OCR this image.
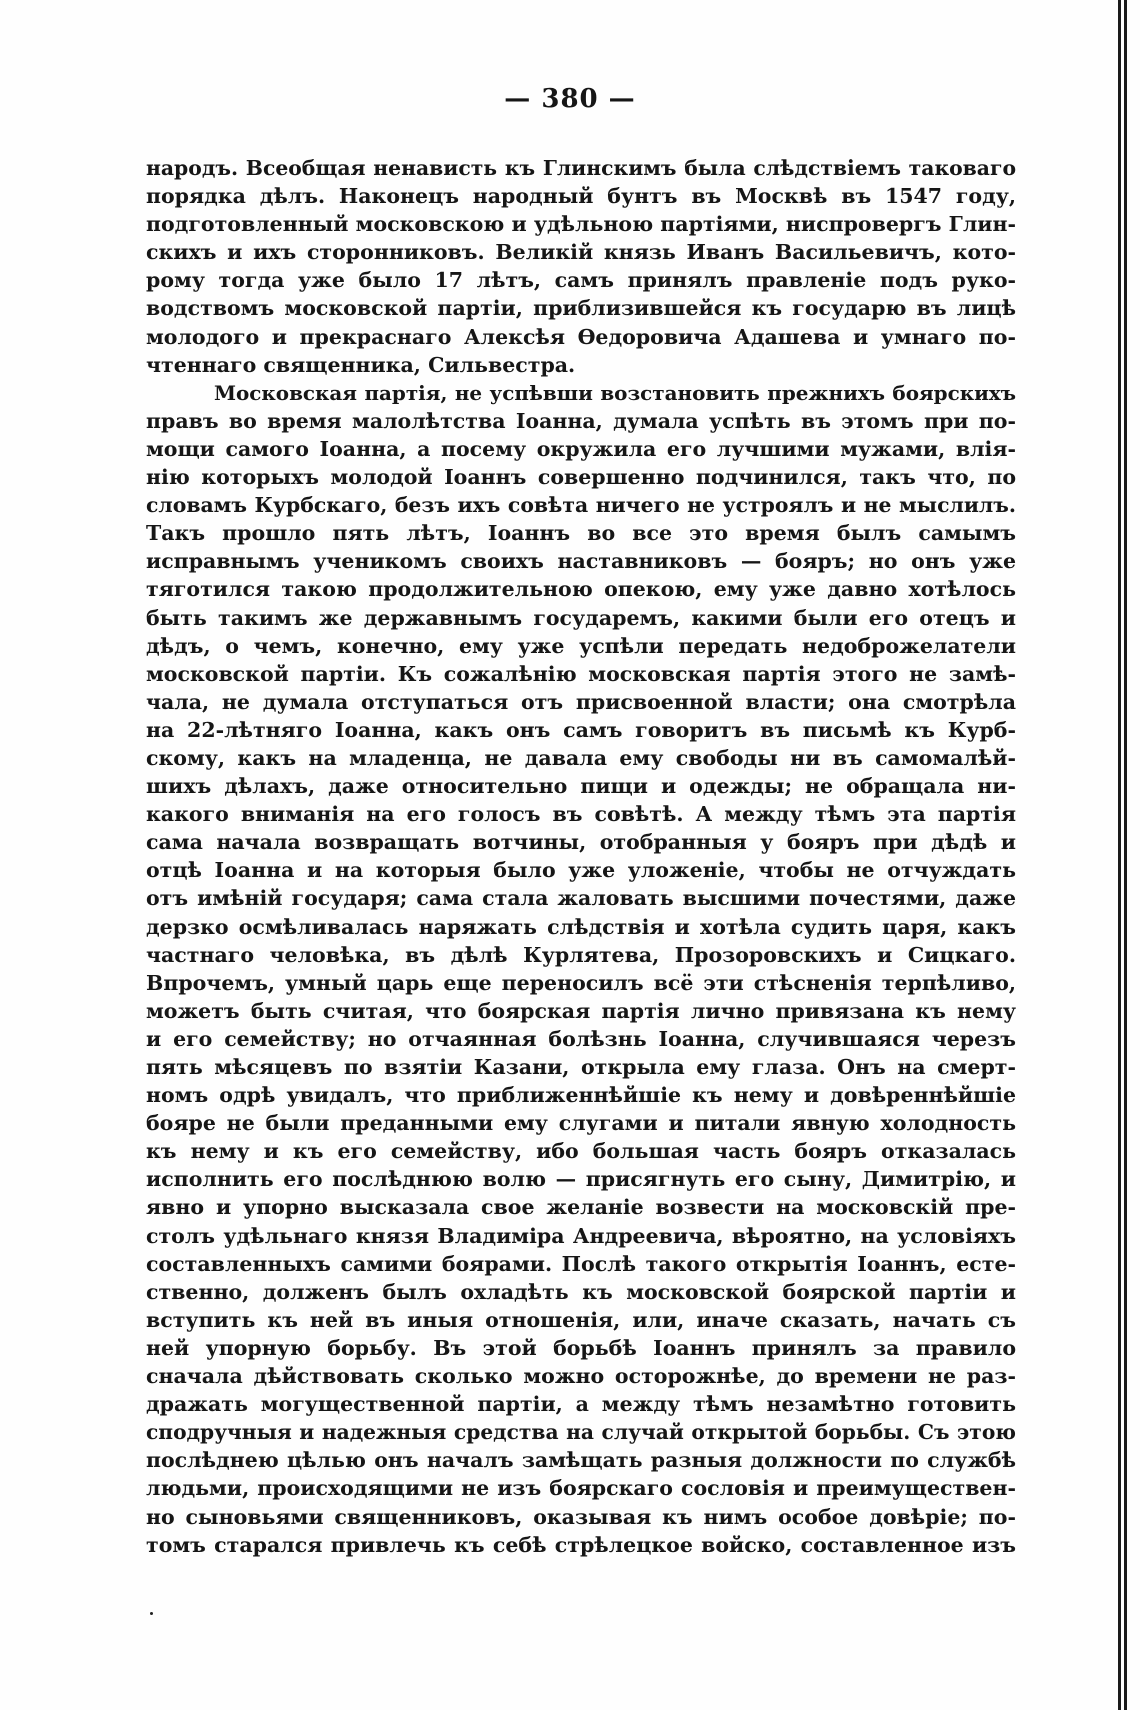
— 380 —
народъ. Всеобщая ненависть къ Глинскимъ была слѣдствіемъ таковаго
порядка дѣлъ. Наконецъ народный бунтъ въ Москвѣ въ 1547 году,
подготовленный московскою и удѣльною партіями, ниспровергъ Глин-
скихъ и ихъ сторонниковъ. Великій князь Иванъ Васильевичъ, кото-
рому тогда уже было 17 лѣтъ, самъ принялъ правленіе подъ руко-
водствомъ московской партіи, приблизившейся къ государю въ лицѣ
молодого и прекраснаго Алексѣя Ѳедоровича Адашева и умнаго по-
чтеннаго священника, Сильвестра.
Московская партія, не успѣвши возстановить прежнихъ боярскихъ
правъ во время малолѣтства Іоанна, думала успѣть въ этомъ при по-
мощи самого Іоанна, а посему окружила его лучшими мужами, влія-
нію которыхъ молодой Іоаннъ совершенно подчинился, такъ что, по
словамъ Курбскаго, безъ ихъ совѣта ничего не устроялъ и не мыслилъ.
Такъ прошло пять лѣтъ, Іоаннъ во все это время былъ самымъ
исправнымъ ученикомъ своихъ наставниковъ — бояръ; но онъ уже
тяготился такою продолжительною опекою, ему уже давно хотѣлось
быть такимъ же державнымъ государемъ, какими были его отецъ и
дѣдъ, о чемъ, конечно, ему уже успѣли передать недоброжелатели
московской партіи. Къ сожалѣнію московская партія этого не замѣ-
чала, не думала отступаться отъ присвоенной власти; она смотрѣла
на 22-лѣтняго Іоанна, какъ онъ самъ говоритъ въ письмѣ къ Курб-
скому, какъ на младенца, не давала ему свободы ни въ самомалѣй-
шихъ дѣлахъ, даже относительно пищи и одежды; не обращала ни-
какого вниманія на его голосъ въ совѣтѣ. А между тѣмъ эта партія
сама начала возвращать вотчины, отобранныя у бояръ при дѣдѣ и
отцѣ Іоанна и на которыя было уже уложеніе, чтобы не отчуждать
отъ имѣній государя; сама стала жаловать высшими почестями, даже
дерзко осмѣливалась наряжать слѣдствія и хотѣла судить царя, какъ
частнаго человѣка, въ дѣлѣ Курлятева, Прозоровскихъ и Сицкаго.
Впрочемъ, умный царь еще переносилъ всё эти стѣсненія терпѣливо,
можетъ быть считая, что боярская партія лично привязана къ нему
и его семейству; но отчаянная болѣзнь Іоанна, случившаяся черезъ
пять мѣсяцевъ по взятіи Казани, открыла ему глаза. Онъ на смерт-
номъ одрѣ увидалъ, что приближеннѣйшіе къ нему и довѣреннѣйшіе
бояре не были преданными ему слугами и питали явную холодность
къ нему и къ его семейству, ибо большая часть бояръ отказалась
исполнить его послѣднюю волю — присягнуть его сыну, Димитрію, и
явно и упорно высказала свое желаніе возвести на московскій пре-
столъ удѣльнаго князя Владиміра Андреевича, вѣроятно, на условіяхъ
составленныхъ самими боярами. Послѣ такого открытія Іоаннъ, есте-
ственно, долженъ былъ охладѣть къ московской боярской партіи и
вступить къ ней въ иныя отношенія, или, иначе сказать, начать съ
ней упорную борьбу. Въ этой борьбѣ Іоаннъ принялъ за правило
сначала дѣйствовать сколько можно осторожнѣе, до времени не раз-
дражать могущественной партіи, а между тѣмъ незамѣтно готовить
сподручныя и надежныя средства на случай открытой борьбы. Съ этою
послѣднею цѣлью онъ началъ замѣщать разныя должности по службѣ
людьми, происходящими не изъ боярскаго сословія и преимуществен-
но сыновьями священниковъ, оказывая къ нимъ особое довѣріе; по-
томъ старался привлечь къ себѣ стрѣлецкое войско, составленное изъ
